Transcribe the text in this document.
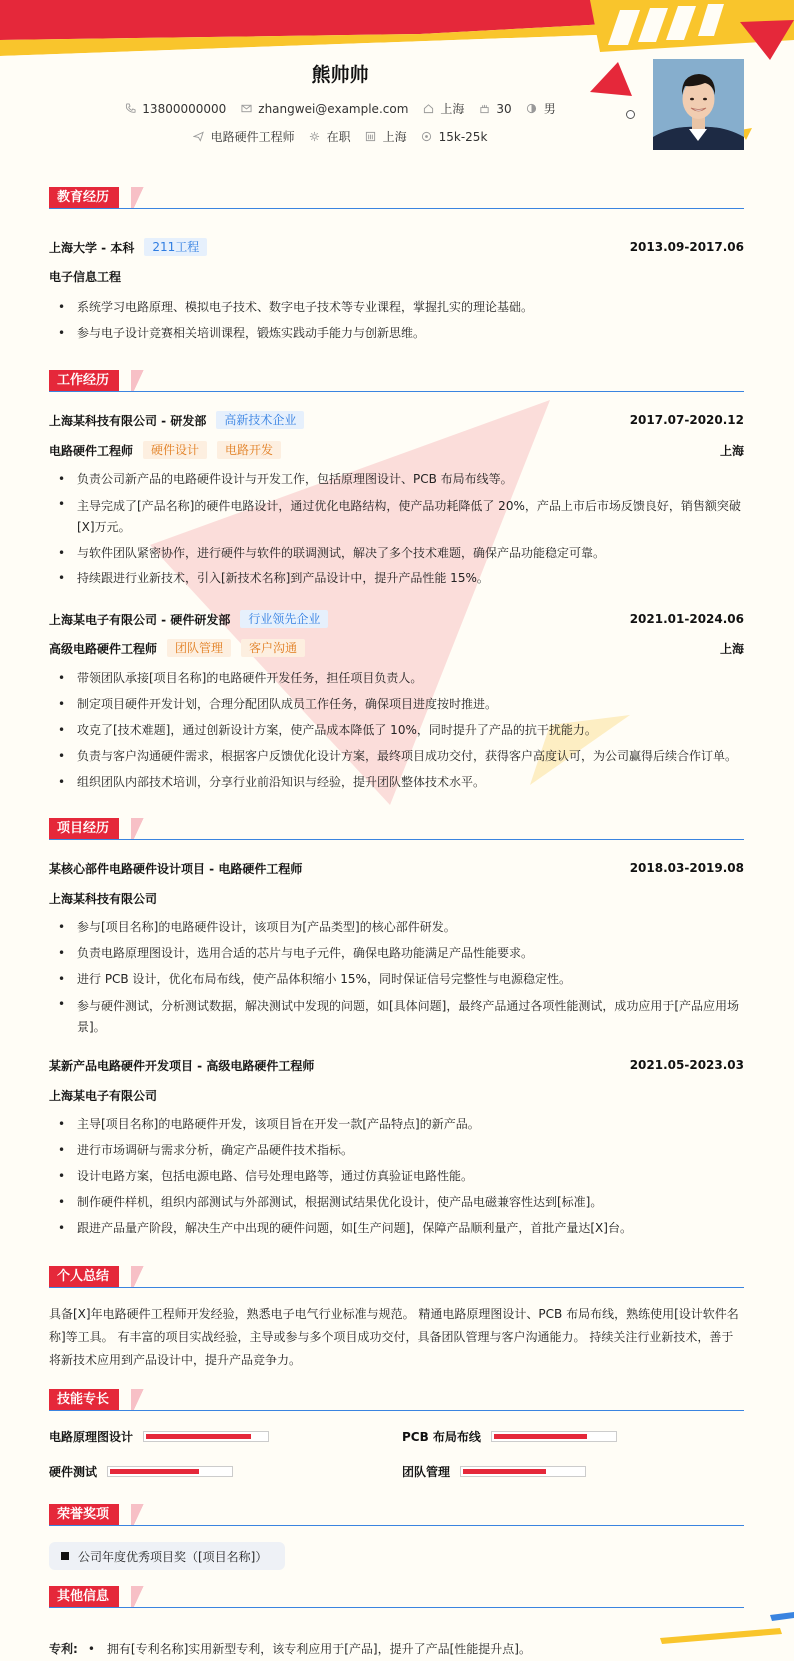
熊帅帅
13800000000	zhangwei@example.com	上海	30	男
电路硬件工程师	在职	上海	15k-25k
教育经历
上海大学 - 本科	211工程	2013.09-2017.06
电子信息工程
• 系统学习电路原理、模拟电子技术、数字电子技术等专业课程，掌握扎实的理论基础。
• 参与电子设计竞赛相关培训课程，锻炼实践动手能力与创新思维。
工作经历
上海某科技有限公司 - 研发部	高新技术企业	2017.07-2020.12
电路硬件工程师	硬件设计	电路开发	上海
• 负责公司新产品的电路硬件设计与开发工作，包括原理图设计、PCB 布局布线等。
• 主导完成了[产品名称]的硬件电路设计，通过优化电路结构，使产品功耗降低了 20%，产品上市后市场反馈良好，销售额突破[X]万元。
• 与软件团队紧密协作，进行硬件与软件的联调测试，解决了多个技术难题，确保产品功能稳定可靠。
• 持续跟进行业新技术，引入[新技术名称]到产品设计中，提升产品性能 15%。
上海某电子有限公司 - 硬件研发部	行业领先企业	2021.01-2024.06
高级电路硬件工程师	团队管理	客户沟通	上海
• 带领团队承接[项目名称]的电路硬件开发任务，担任项目负责人。
• 制定项目硬件开发计划，合理分配团队成员工作任务，确保项目进度按时推进。
• 攻克了[技术难题]，通过创新设计方案，使产品成本降低了 10%，同时提升了产品的抗干扰能力。
• 负责与客户沟通硬件需求，根据客户反馈优化设计方案，最终项目成功交付，获得客户高度认可，为公司赢得后续合作订单。
• 组织团队内部技术培训，分享行业前沿知识与经验，提升团队整体技术水平。
项目经历
某核心部件电路硬件设计项目 - 电路硬件工程师	2018.03-2019.08
上海某科技有限公司
• 参与[项目名称]的电路硬件设计，该项目为[产品类型]的核心部件研发。
• 负责电路原理图设计，选用合适的芯片与电子元件，确保电路功能满足产品性能要求。
• 进行 PCB 设计，优化布局布线，使产品体积缩小 15%，同时保证信号完整性与电源稳定性。
• 参与硬件测试，分析测试数据，解决测试中发现的问题，如[具体问题]，最终产品通过各项性能测试，成功应用于[产品应用场景]。
某新产品电路硬件开发项目 - 高级电路硬件工程师	2021.05-2023.03
上海某电子有限公司
• 主导[项目名称]的电路硬件开发，该项目旨在开发一款[产品特点]的新产品。
• 进行市场调研与需求分析，确定产品硬件技术指标。
• 设计电路方案，包括电源电路、信号处理电路等，通过仿真验证电路性能。
• 制作硬件样机，组织内部测试与外部测试，根据测试结果优化设计，使产品电磁兼容性达到[标准]。
• 跟进产品量产阶段，解决生产中出现的硬件问题，如[生产问题]，保障产品顺利量产，首批产量达[X]台。
个人总结
具备[X]年电路硬件工程师开发经验，熟悉电子电气行业标准与规范。 精通电路原理图设计、PCB 布局布线，熟练使用[设计软件名称]等工具。 有丰富的项目实战经验，主导或参与多个项目成功交付，具备团队管理与客户沟通能力。 持续关注行业新技术，善于将新技术应用到产品设计中，提升产品竞争力。
技能专长
电路原理图设计	PCB 布局布线
硬件测试	团队管理
荣誉奖项
公司年度优秀项目奖（[项目名称]）
其他信息
专利: • 拥有[专利名称]实用新型专利，该专利应用于[产品]，提升了产品[性能提升点]。
